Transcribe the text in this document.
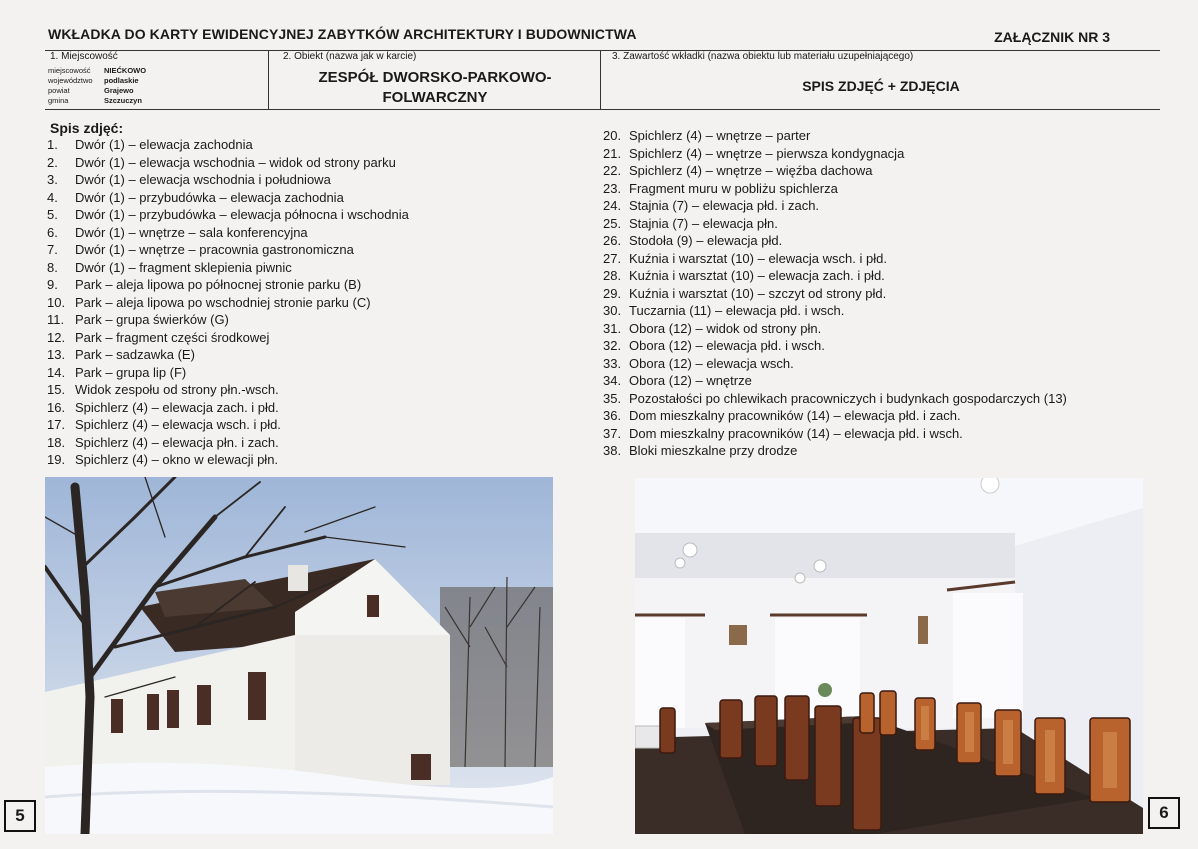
WKŁADKA DO KARTY EWIDENCYJNEJ ZABYTKÓW ARCHITEKTURY I BUDOWNICTWA	ZAŁĄCZNIK NR 3
1. Miejscowość
miejscowość	NIEĆKOWO
województwo	podlaskie
powiat	Grajewo
gmina	Szczuczyn
2. Obiekt (nazwa jak w karcie)
ZESPÓŁ DWORSKO-PARKOWO-
FOLWARCZNY
3. Zawartość wkładki (nazwa obiektu lub materiału uzupełniającego)
SPIS ZDJĘĆ + ZDJĘCIA
Spis zdjęć:
1.	Dwór (1) – elewacja zachodnia
2.	Dwór (1) – elewacja wschodnia – widok od strony parku
3.	Dwór (1) – elewacja wschodnia i południowa
4.	Dwór (1) – przybudówka – elewacja zachodnia
5.	Dwór (1) – przybudówka – elewacja północna i wschodnia
6.	Dwór (1) – wnętrze – sala konferencyjna
7.	Dwór (1) – wnętrze – pracownia gastronomiczna
8.	Dwór (1) – fragment sklepienia piwnic
9.	Park – aleja lipowa po północnej stronie parku (B)
10. Park – aleja lipowa po wschodniej stronie parku (C)
11. Park – grupa świerków (G)
12. Park – fragment części środkowej
13. Park – sadzawka (E)
14. Park – grupa lip (F)
15. Widok zespołu od strony płn.-wsch.
16. Spichlerz (4) – elewacja zach. i płd.
17. Spichlerz (4) – elewacja wsch. i płd.
18. Spichlerz (4) – elewacja płn. i zach.
19. Spichlerz (4) – okno w elewacji płn.
20. Spichlerz (4) – wnętrze – parter
21. Spichlerz (4) – wnętrze – pierwsza kondygnacja
22. Spichlerz (4) – wnętrze – więźba dachowa
23. Fragment muru w pobliżu spichlerza
24. Stajnia (7) – elewacja płd. i zach.
25. Stajnia (7) – elewacja płn.
26. Stodoła (9) – elewacja płd.
27. Kuźnia i warsztat (10) – elewacja wsch. i płd.
28. Kuźnia i warsztat (10) – elewacja zach. i płd.
29. Kuźnia i warsztat (10) – szczyt od strony płd.
30. Tuczarnia (11) – elewacja płd. i wsch.
31. Obora (12) – widok od strony płn.
32. Obora (12) – elewacja płd. i wsch.
33. Obora (12) – elewacja wsch.
34. Obora (12) – wnętrze
35. Pozostałości po chlewikach pracowniczych i budynkach gospodarczych (13)
36. Dom mieszkalny pracowników (14) – elewacja płd. i zach.
37. Dom mieszkalny pracowników (14) – elewacja płd. i wsch.
38. Bloki mieszkalne przy drodze
5	6
